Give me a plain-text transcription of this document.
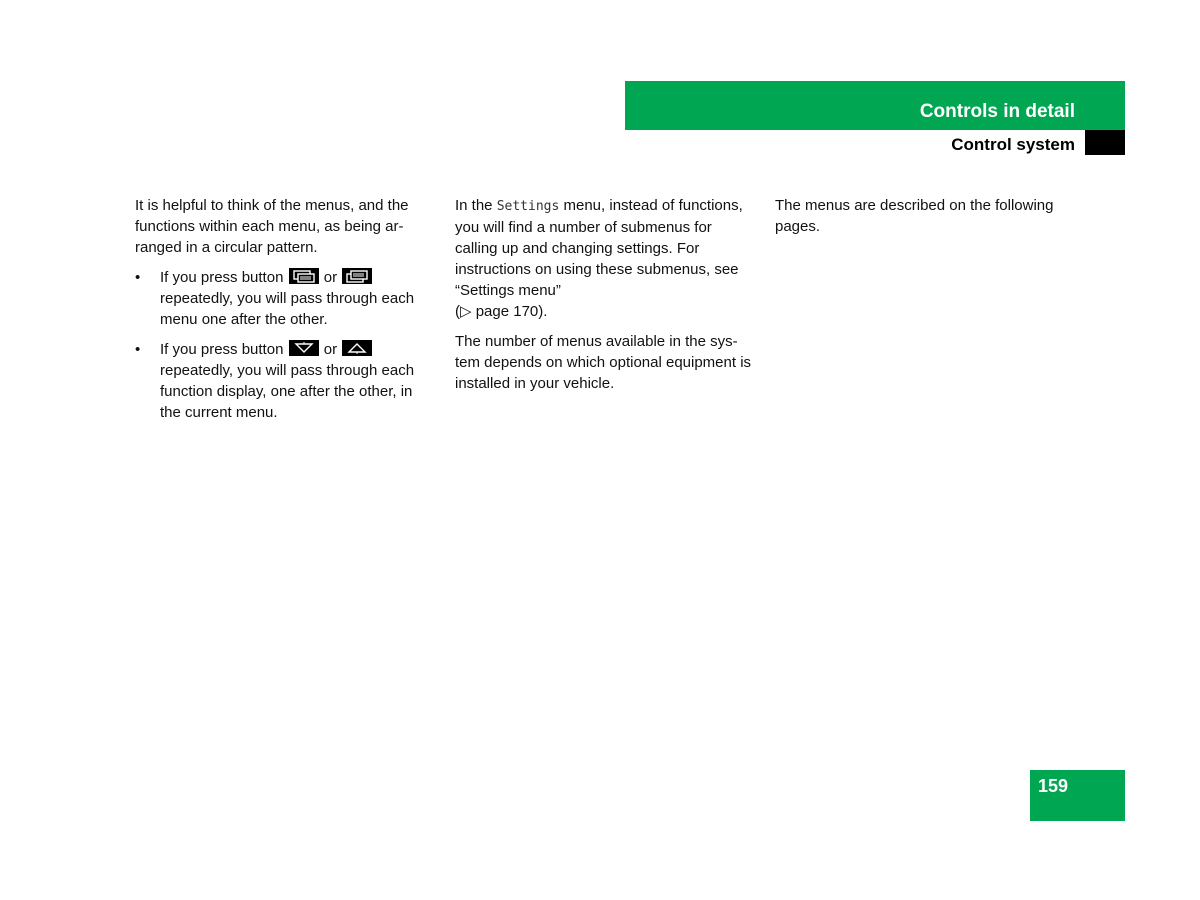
Controls in detail
Control system

It is helpful to think of the menus, and the functions within each menu, as being arranged in a circular pattern.

• If you press button	or
repeatedly, you will pass through each menu one after the other.
• If you press button	or
repeatedly, you will pass through each function display, one after the other, in the current menu.

In the Settings menu, instead of functions, you will find a number of submenus for calling up and changing settings. For instructions on using these submenus, see “Settings menu”
(▷ page 170).

The number of menus available in the system depends on which optional equipment is installed in your vehicle.

The menus are described on the following pages.

159
